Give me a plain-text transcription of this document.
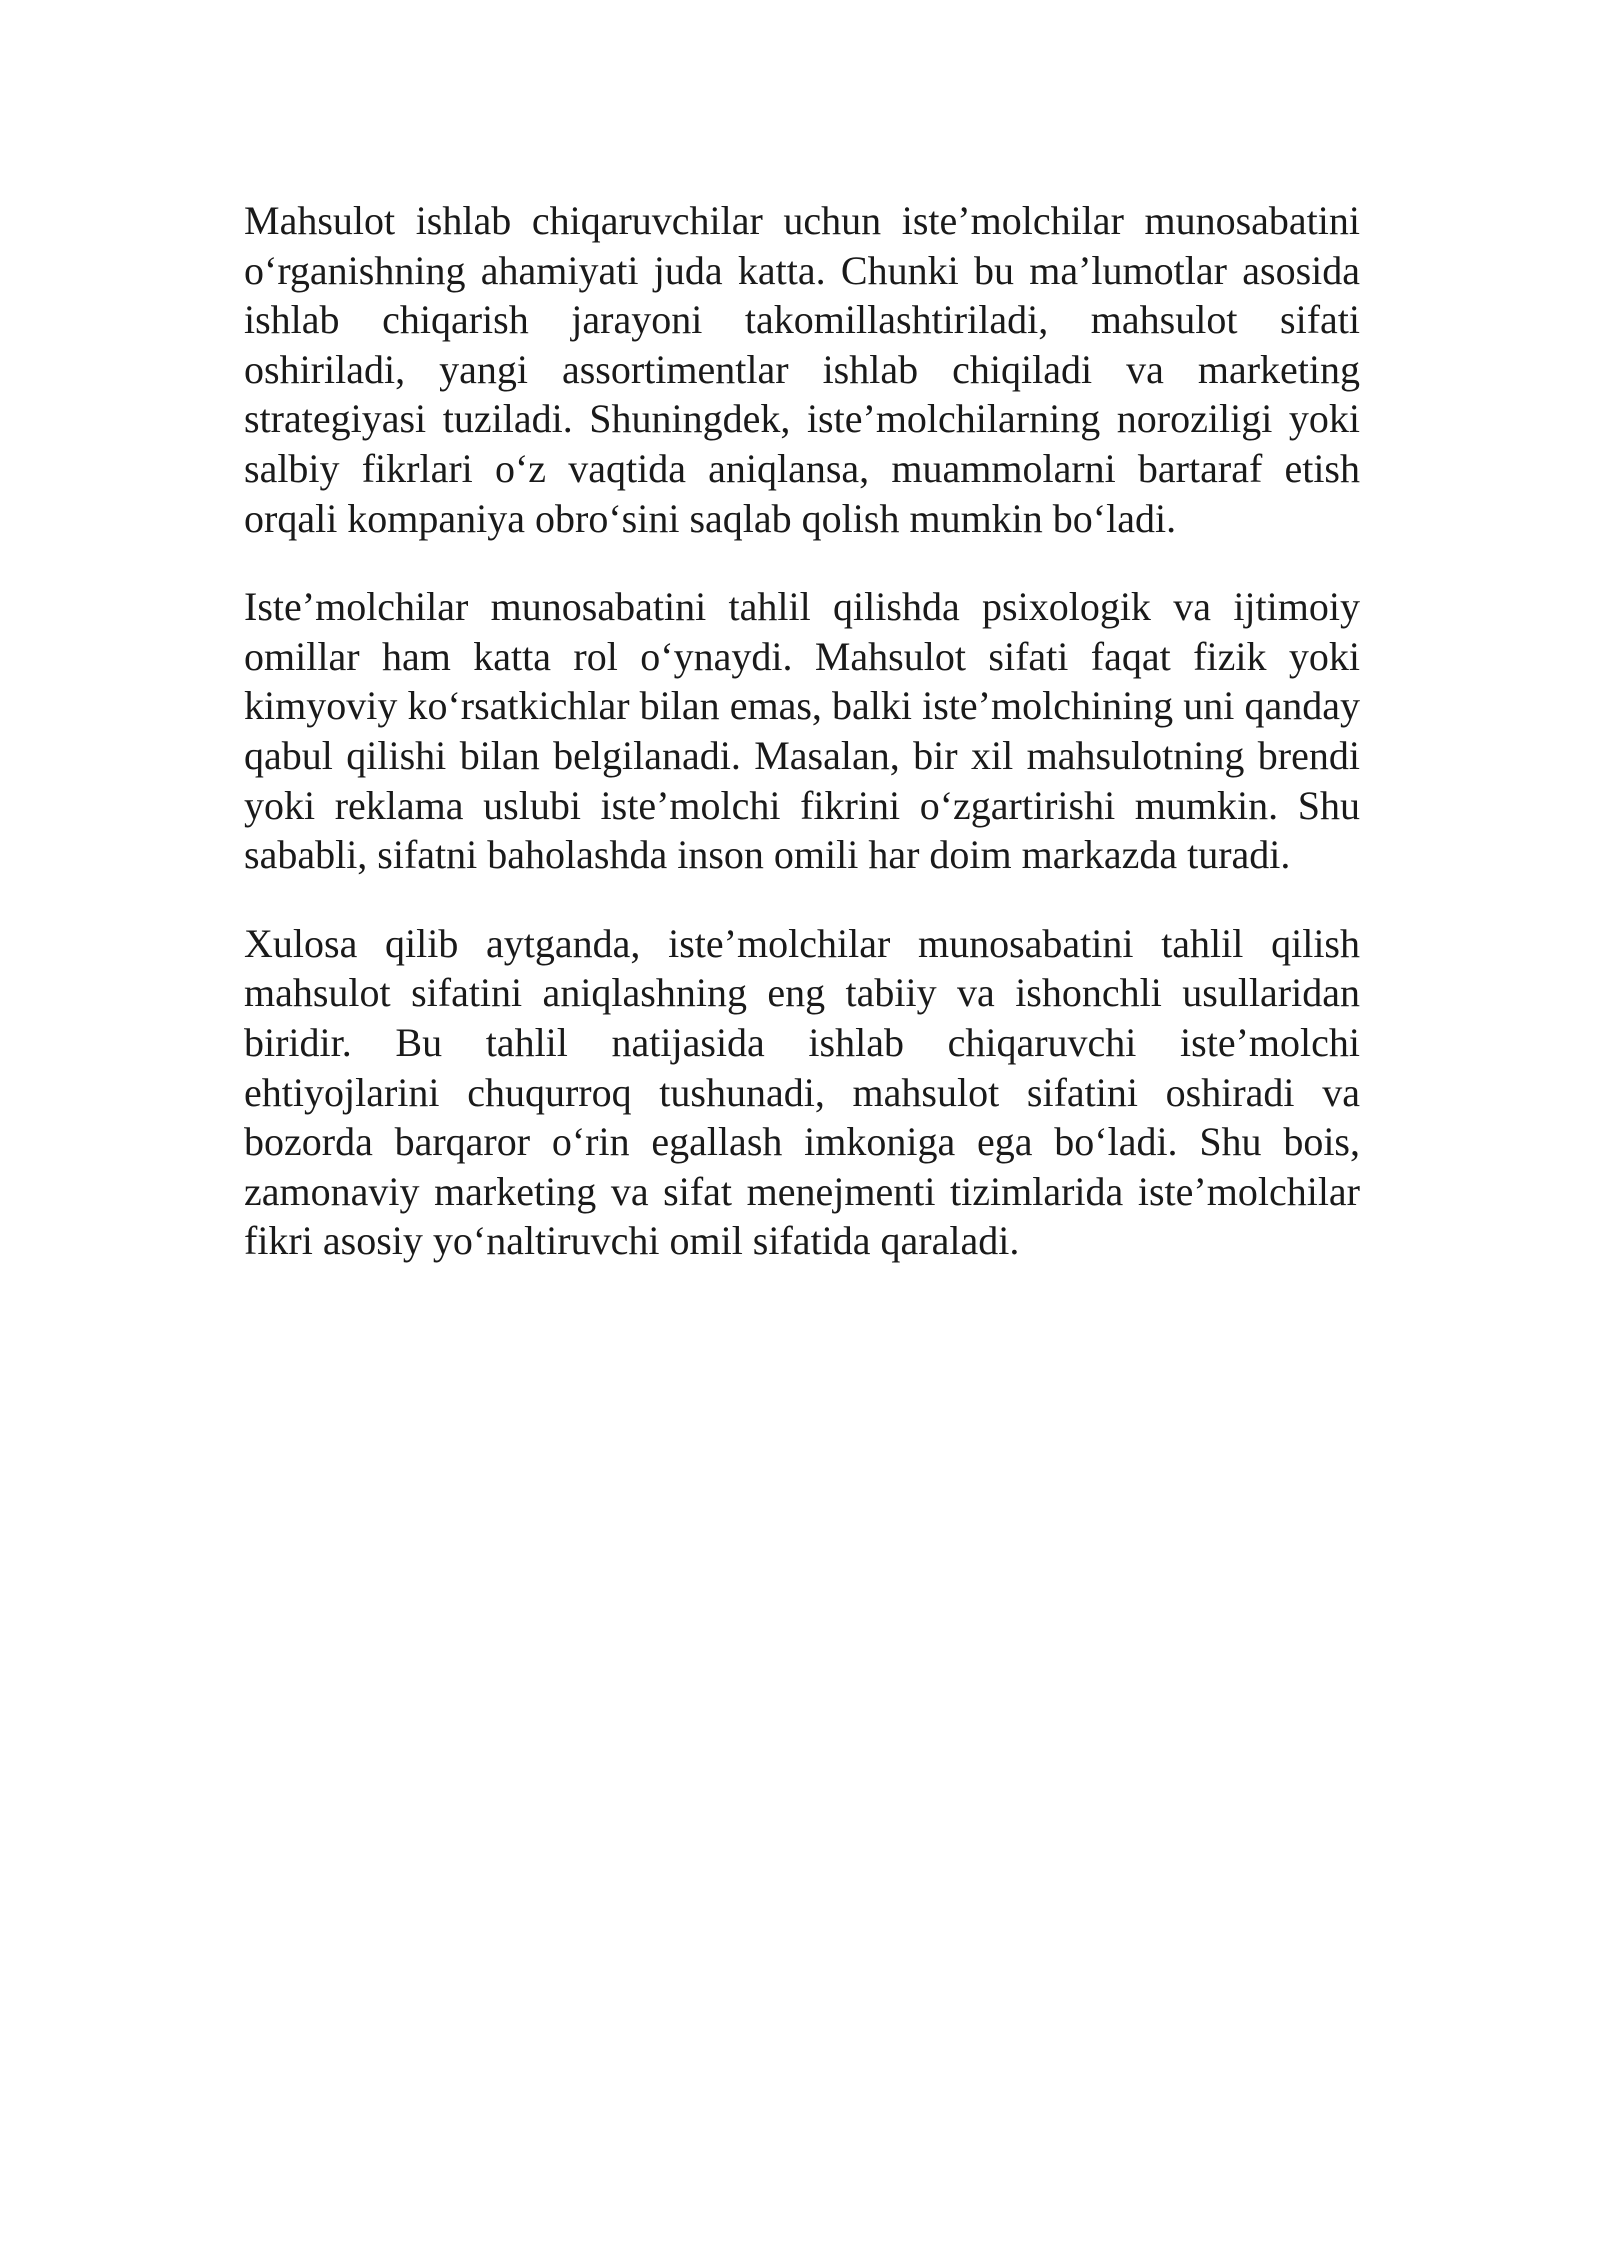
Mahsulot ishlab chiqaruvchilar uchun iste’molchilar munosabatini o‘rganishning ahamiyati juda katta. Chunki bu ma’lumotlar asosida ishlab chiqarish jarayoni takomillashtiriladi, mahsulot sifati oshiriladi, yangi assortimentlar ishlab chiqiladi va marketing strategiyasi tuziladi. Shuningdek, iste’molchilarning noroziligi yoki salbiy fikrlari o‘z vaqtida aniqlansa, muammolarni bartaraf etish orqali kompaniya obro‘sini saqlab qolish mumkin bo‘ladi.

Iste’molchilar munosabatini tahlil qilishda psixologik va ijtimoiy omillar ham katta rol o‘ynaydi. Mahsulot sifati faqat fizik yoki kimyoviy ko‘rsatkichlar bilan emas, balki iste’molchining uni qanday qabul qilishi bilan belgilanadi. Masalan, bir xil mahsulotning brendi yoki reklama uslubi iste’molchi fikrini o‘zgartirishi mumkin. Shu sababli, sifatni baholashda inson omili har doim markazda turadi.

Xulosa qilib aytganda, iste’molchilar munosabatini tahlil qilish mahsulot sifatini aniqlashning eng tabiiy va ishonchli usullaridan biridir. Bu tahlil natijasida ishlab chiqaruvchi iste’molchi ehtiyojlarini chuqurroq tushunadi, mahsulot sifatini oshiradi va bozorda barqaror o‘rin egallash imkoniga ega bo‘ladi. Shu bois, zamonaviy marketing va sifat menejmenti tizimlarida iste’molchilar fikri asosiy yo‘naltiruvchi omil sifatida qaraladi.
